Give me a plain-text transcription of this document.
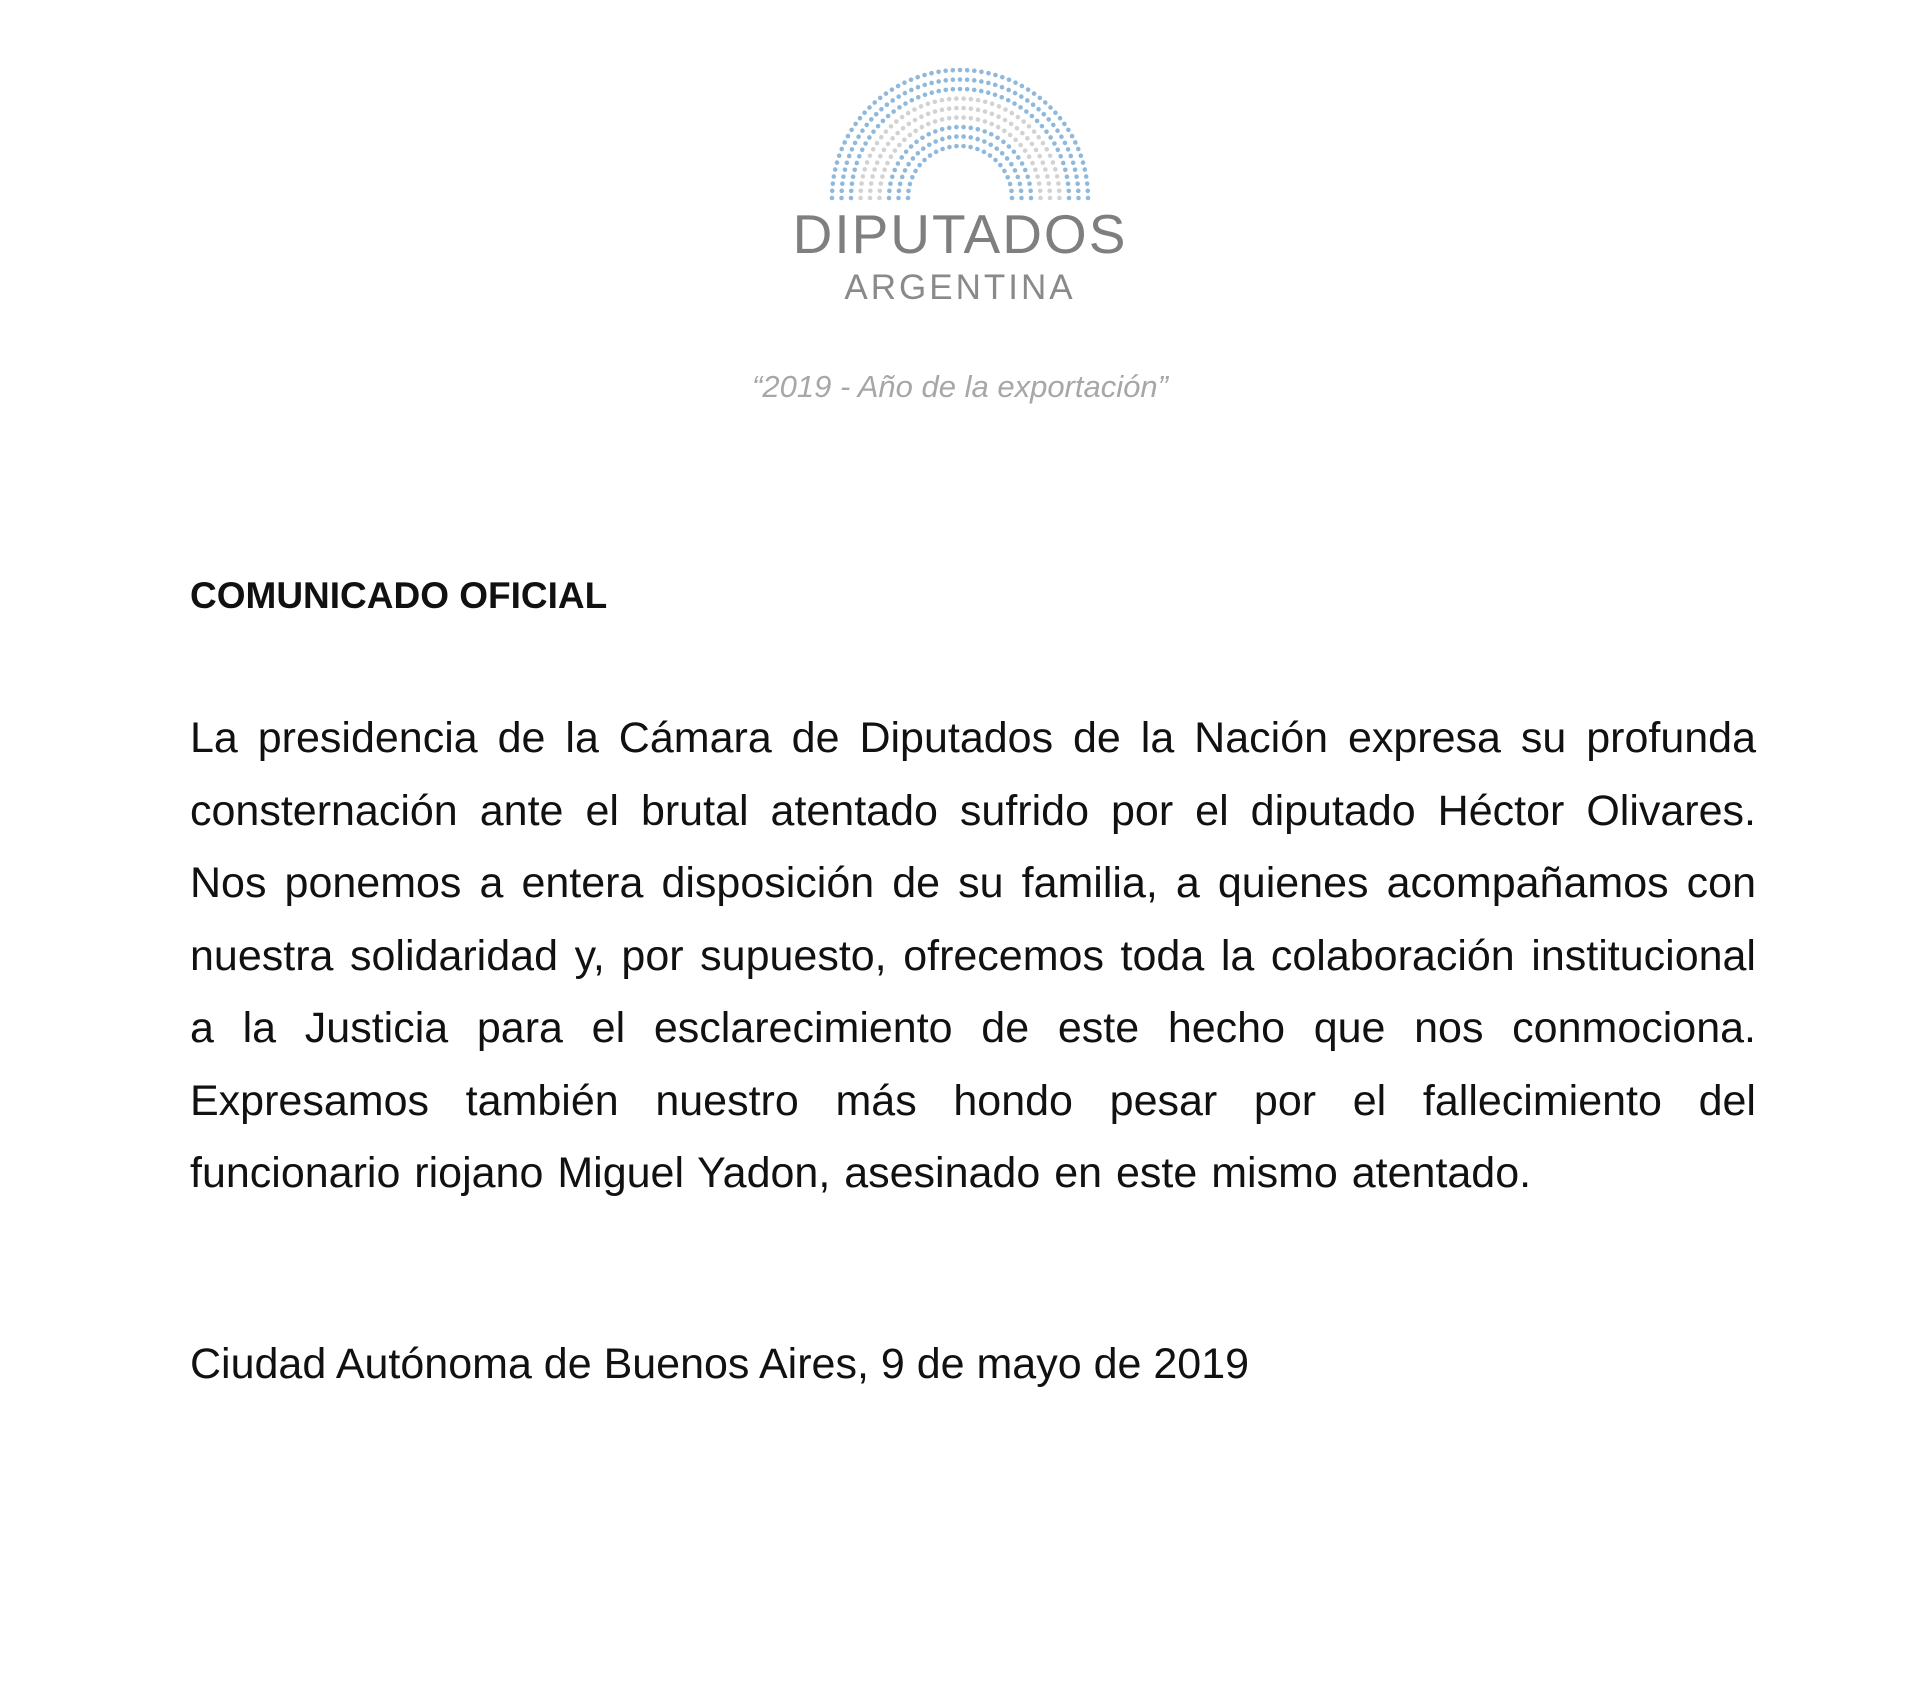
DIPUTADOS
ARGENTINA
“2019 - Año de la exportación”
COMUNICADO OFICIAL

La presidencia de la Cámara de Diputados de la Nación expresa su profunda consternación ante el brutal atentado sufrido por el diputado Héctor Olivares. Nos ponemos a entera disposición de su familia, a quienes acompañamos con nuestra solidaridad y, por supuesto, ofrecemos toda la colaboración institucional a la Justicia para el esclarecimiento de este hecho que nos conmociona. Expresamos también nuestro más hondo pesar por el fallecimiento del funcionario riojano Miguel Yadon, asesinado en este mismo atentado.

Ciudad Autónoma de Buenos Aires, 9 de mayo de 2019
